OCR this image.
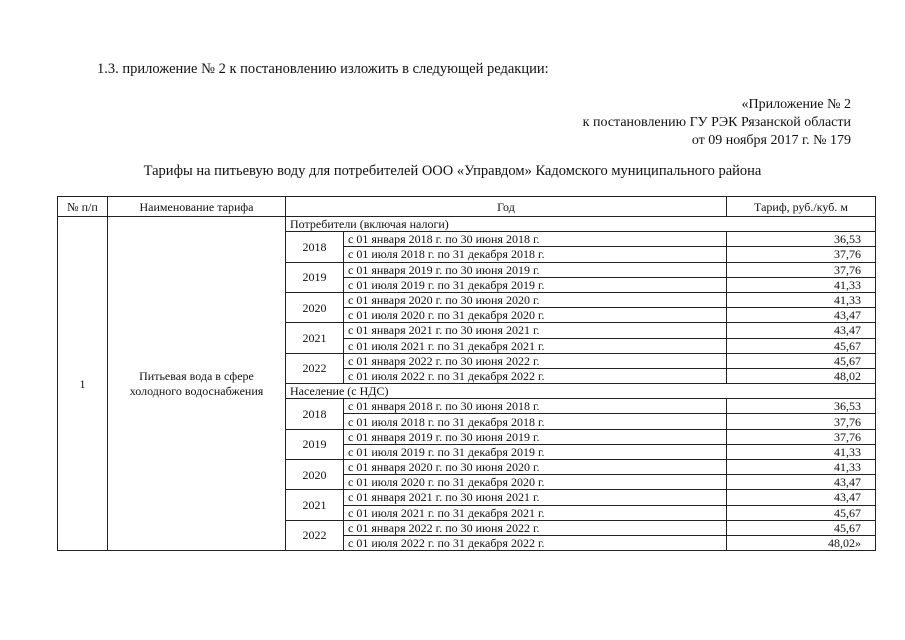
1.3. приложение № 2 к постановлению изложить в следующей редакции:
«Приложение № 2
к постановлению ГУ РЭК Рязанской области
от 09 ноября 2017 г. № 179
Тарифы на питьевую воду для потребителей ООО «Управдом» Кадомского муниципального района
№ п/п	Наименование тарифа	Год		Тариф, руб./куб. м
1	Питьевая вода в сфере холодного водоснабжения	Потребители (включая налоги)		
		2018	с 01 января 2018 г. по 30 июня 2018 г.	36,53
			с 01 июля 2018 г. по 31 декабря 2018 г.	37,76
		2019	с 01 января 2019 г. по 30 июня 2019 г.	37,76
			с 01 июля 2019 г. по 31 декабря 2019 г.	41,33
		2020	с 01 января 2020 г. по 30 июня 2020 г.	41,33
			с 01 июля 2020 г. по 31 декабря 2020 г.	43,47
		2021	с 01 января 2021 г. по 30 июня 2021 г.	43,47
			с 01 июля 2021 г. по 31 декабря 2021 г.	45,67
		2022	с 01 января 2022 г. по 30 июня 2022 г.	45,67
			с 01 июля 2022 г. по 31 декабря 2022 г.	48,02
		Население (с НДС)		
		2018	с 01 января 2018 г. по 30 июня 2018 г.	36,53
			с 01 июля 2018 г. по 31 декабря 2018 г.	37,76
		2019	с 01 января 2019 г. по 30 июня 2019 г.	37,76
			с 01 июля 2019 г. по 31 декабря 2019 г.	41,33
		2020	с 01 января 2020 г. по 30 июня 2020 г.	41,33
			с 01 июля 2020 г. по 31 декабря 2020 г.	43,47
		2021	с 01 января 2021 г. по 30 июня 2021 г.	43,47
			с 01 июля 2021 г. по 31 декабря 2021 г.	45,67
		2022	с 01 января 2022 г. по 30 июня 2022 г.	45,67
			с 01 июля 2022 г. по 31 декабря 2022 г.	48,02»
